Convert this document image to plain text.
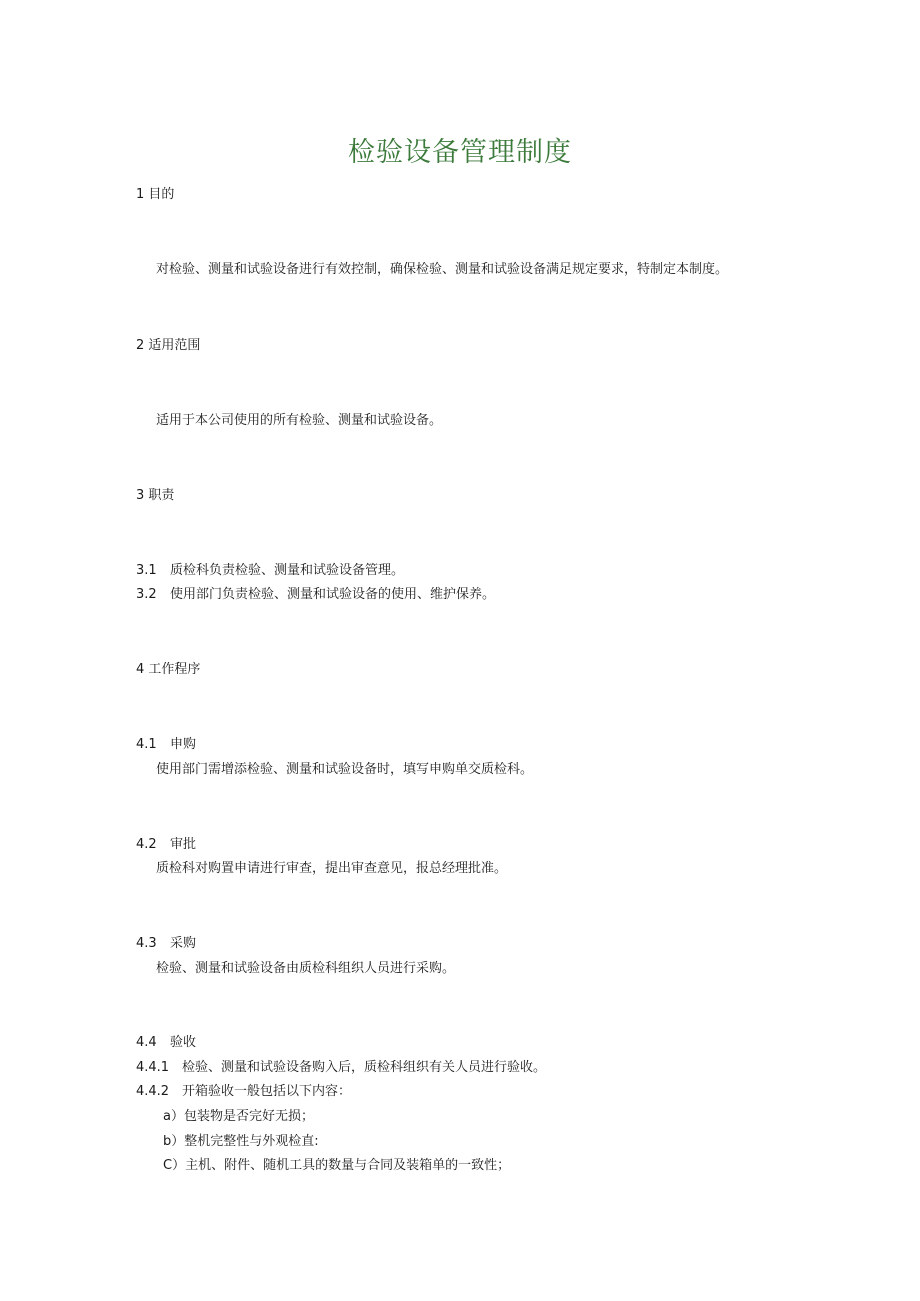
检验设备管理制度
1 目的
对检验、测量和试验设备进行有效控制，确保检验、测量和试验设备满足规定要求，特制定本制度。
2 适用范围
适用于本公司使用的所有检验、测量和试验设备。
3 职责
3.1 质检科负责检验、测量和试验设备管理。
3.2 使用部门负责检验、测量和试验设备的使用、维护保养。
4 工作程序
4.1 申购
使用部门需增添检验、测量和试验设备时，填写申购单交质检科。
4.2 审批
质检科对购置申请进行审查，提出审查意见，报总经理批准。
4.3 采购
检验、测量和试验设备由质检科组织人员进行采购。
4.4 验收
4.4.1 检验、测量和试验设备购入后，质检科组织有关人员进行验收。
4.4.2 开箱验收一般包括以下内容：
a）包装物是否完好无损；
b）整机完整性与外观检直:
C）主机、附件、随机工具的数量与合同及装箱单的一致性；
